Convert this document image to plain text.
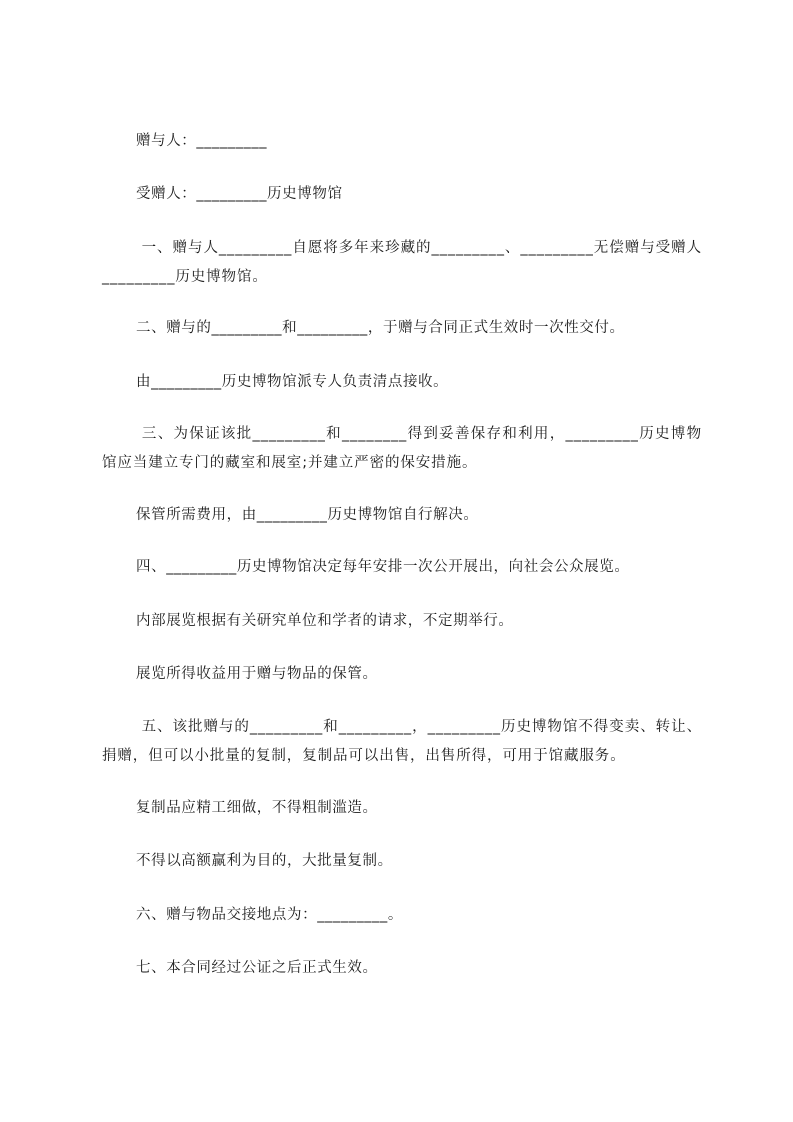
赠与人：_________

受赠人：_________历史博物馆

一、赠与人_________自愿将多年来珍藏的_________、_________无偿赠与受赠人_________历史博物馆。

二、赠与的_________和_________，于赠与合同正式生效时一次性交付。

由_________历史博物馆派专人负责清点接收。

三、为保证该批_________和________得到妥善保存和利用，_________历史博物馆应当建立专门的藏室和展室;并建立严密的保安措施。

保管所需费用，由_________历史博物馆自行解决。

四、_________历史博物馆决定每年安排一次公开展出，向社会公众展览。

内部展览根据有关研究单位和学者的请求，不定期举行。

展览所得收益用于赠与物品的保管。

五、该批赠与的_________和_________，_________历史博物馆不得变卖、转让、捐赠，但可以小批量的复制，复制品可以出售，出售所得，可用于馆藏服务。

复制品应精工细做，不得粗制滥造。

不得以高额赢利为目的，大批量复制。

六、赠与物品交接地点为：_________。

七、本合同经过公证之后正式生效。
